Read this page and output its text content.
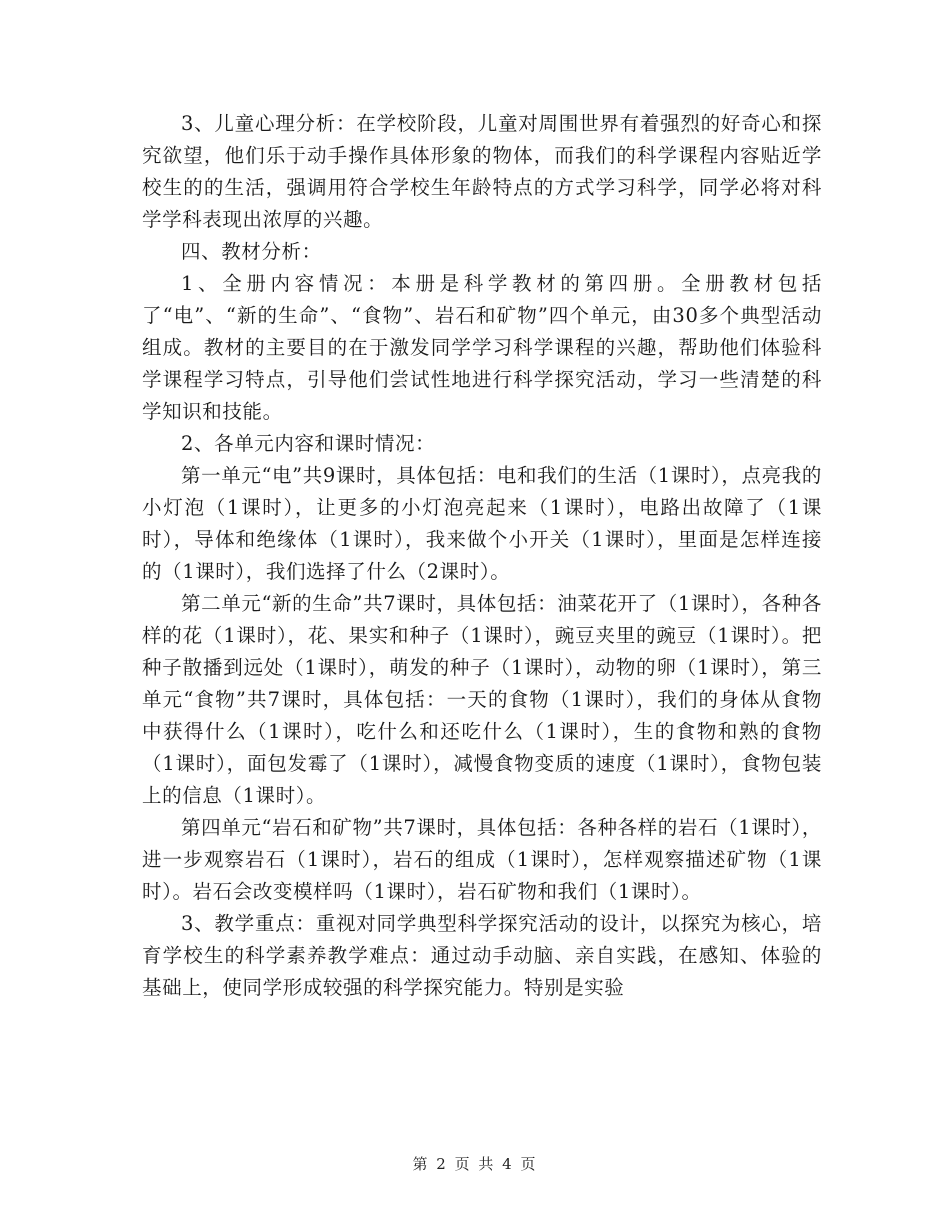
3、儿童心理分析：在学校阶段，儿童对周围世界有着强烈的好奇心和探究欲望，他们乐于动手操作具体形象的物体，而我们的科学课程内容贴近学校生的的生活，强调用符合学校生年龄特点的方式学习科学，同学必将对科学学科表现出浓厚的兴趣。

四、教材分析：

1、全册内容情况：本册是科学教材的第四册。全册教材包括了“电”、“新的生命”、“食物”、岩石和矿物”四个单元，由30多个典型活动组成。教材的主要目的在于激发同学学习科学课程的兴趣，帮助他们体验科学课程学习特点，引导他们尝试性地进行科学探究活动，学习一些清楚的科学知识和技能。

2、各单元内容和课时情况：

第一单元“电”共9课时，具体包括：电和我们的生活（1课时），点亮我的小灯泡（1课时），让更多的小灯泡亮起来（1课时），电路出故障了（1课时），导体和绝缘体（1课时），我来做个小开关（1课时），里面是怎样连接的（1课时），我们选择了什么（2课时）。

第二单元“新的生命”共7课时，具体包括：油菜花开了（1课时），各种各样的花（1课时），花、果实和种子（1课时），豌豆夹里的豌豆（1课时）。把种子散播到远处（1课时），萌发的种子（1课时），动物的卵（1课时），第三单元“食物”共7课时，具体包括：一天的食物（1课时），我们的身体从食物中获得什么（1课时），吃什么和还吃什么（1课时），生的食物和熟的食物（1课时），面包发霉了（1课时），减慢食物变质的速度（1课时），食物包装上的信息（1课时）。

第四单元“岩石和矿物”共7课时，具体包括：各种各样的岩石（1课时），进一步观察岩石（1课时），岩石的组成（1课时），怎样观察描述矿物（1课时）。岩石会改变模样吗（1课时），岩石矿物和我们（1课时）。

3、教学重点：重视对同学典型科学探究活动的设计，以探究为核心，培育学校生的科学素养教学难点：通过动手动脑、亲自实践，在感知、体验的基础上，使同学形成较强的科学探究能力。特别是实验

第 2 页 共 4 页
